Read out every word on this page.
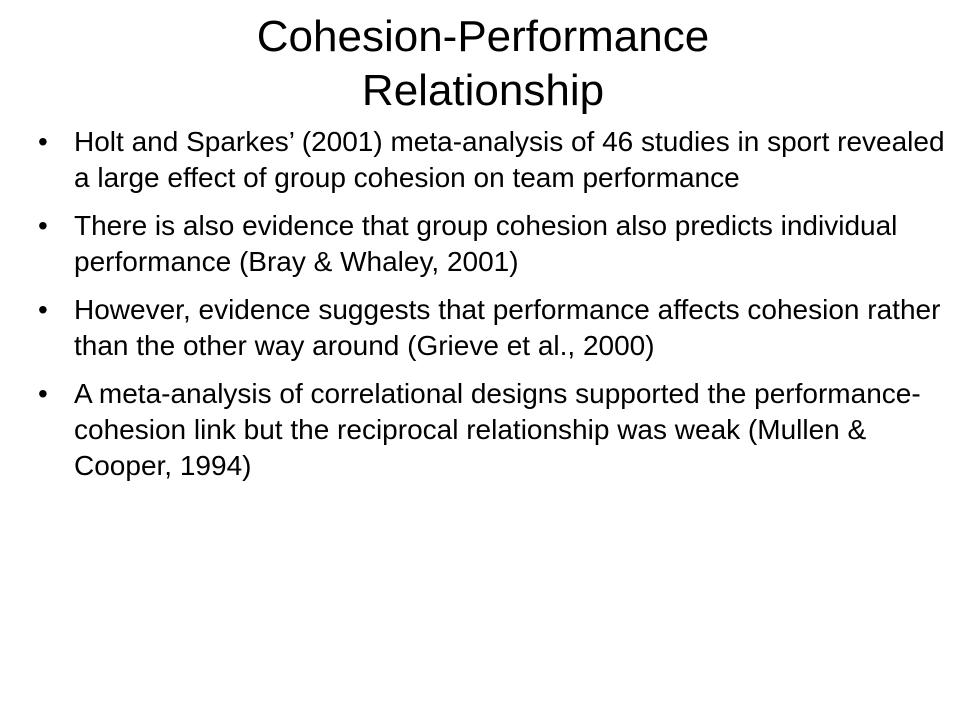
Cohesion-Performance
Relationship
• Holt and Sparkes’ (2001) meta-analysis of 46 studies in sport revealed a large effect of group cohesion on team performance
• There is also evidence that group cohesion also predicts individual performance (Bray & Whaley, 2001)
• However, evidence suggests that performance affects cohesion rather than the other way around (Grieve et al., 2000)
• A meta-analysis of correlational designs supported the performance-cohesion link but the reciprocal relationship was weak (Mullen & Cooper, 1994)
